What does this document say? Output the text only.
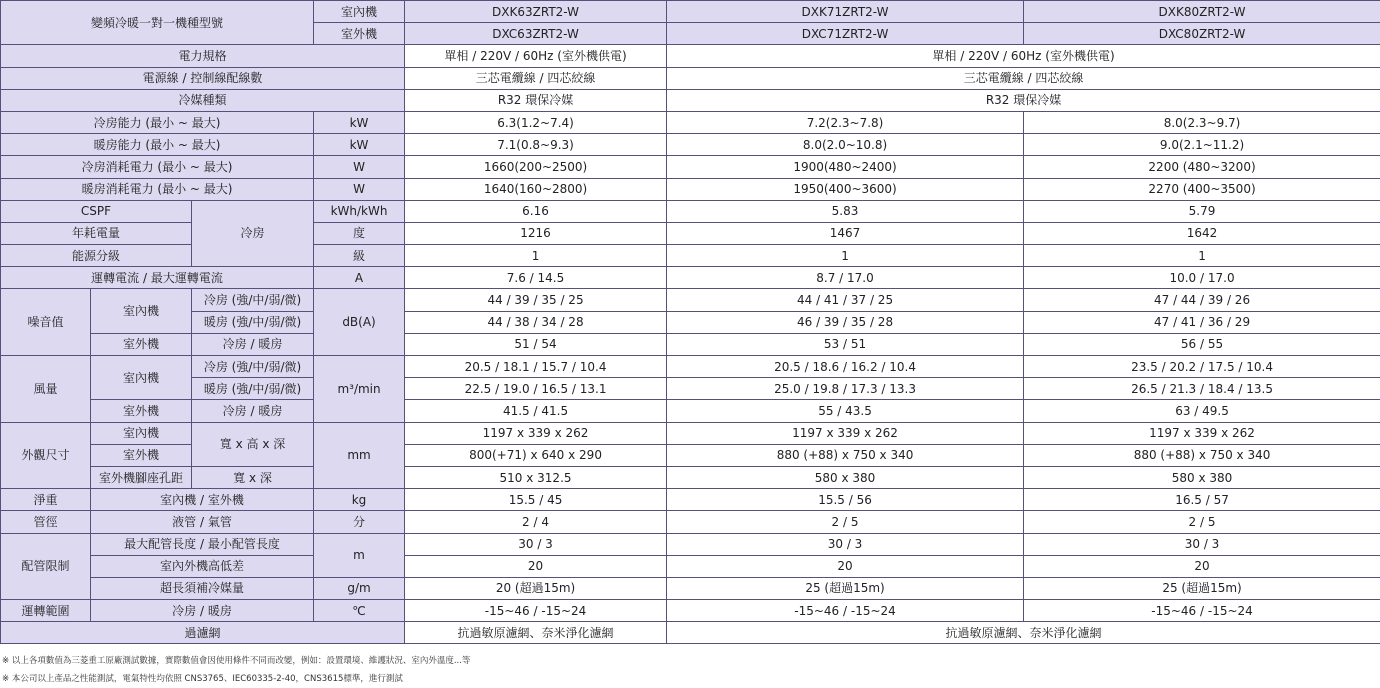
變頻冷暖一對一機種型號			室內機	DXK63ZRT2-W	DXK71ZRT2-W	DXK80ZRT2-W
			室外機	DXC63ZRT2-W	DXC71ZRT2-W	DXC80ZRT2-W
電力規格				單相 / 220V / 60Hz (室外機供電)	單相 / 220V / 60Hz (室外機供電)	
電源線 / 控制線配線數				三芯電纜線 / 四芯絞線	三芯電纜線 / 四芯絞線	
冷媒種類				R32 環保冷媒	R32 環保冷媒	
冷房能力 (最小 ~ 最大)			kW	6.3(1.2~7.4)	7.2(2.3~7.8)	8.0(2.3~9.7)
暖房能力 (最小 ~ 最大)			kW	7.1(0.8~9.3)	8.0(2.0~10.8)	9.0(2.1~11.2)
冷房消耗電力 (最小 ~ 最大)			W	1660(200~2500)	1900(480~2400)	2200 (480~3200)
暖房消耗電力 (最小 ~ 最大)			W	1640(160~2800)	1950(400~3600)	2270 (400~3500)
CSPF		冷房	kWh/kWh	6.16	5.83	5.79
年耗電量			度	1216	1467	1642
能源分級			級	1	1	1
運轉電流 / 最大運轉電流			A	7.6 / 14.5	8.7 / 17.0	10.0 / 17.0
噪音值	室內機	冷房 (強/中/弱/微)	dB(A)	44 / 39 / 35 / 25	44 / 41 / 37 / 25	47 / 44 / 39 / 26
		暖房 (強/中/弱/微)		44 / 38 / 34 / 28	46 / 39 / 35 / 28	47 / 41 / 36 / 29
	室外機	冷房 / 暖房		51 / 54	53 / 51	56 / 55
風量	室內機	冷房 (強/中/弱/微)	m³/min	20.5 / 18.1 / 15.7 / 10.4	20.5 / 18.6 / 16.2 / 10.4	23.5 / 20.2 / 17.5 / 10.4
		暖房 (強/中/弱/微)		22.5 / 19.0 / 16.5 / 13.1	25.0 / 19.8 / 17.3 / 13.3	26.5 / 21.3 / 18.4 / 13.5
	室外機	冷房 / 暖房		41.5 / 41.5	55 / 43.5	63 / 49.5
外觀尺寸	室內機	寬 x 高 x 深	mm	1197 x 339 x 262	1197 x 339 x 262	1197 x 339 x 262
	室外機			800(+71) x 640 x 290	880 (+88) x 750 x 340	880 (+88) x 750 x 340
	室外機腳座孔距	寬 x 深		510 x 312.5	580 x 380	580 x 380
淨重	室內機 / 室外機		kg	15.5 / 45	15.5 / 56	16.5 / 57
管徑	液管 / 氣管		分	2 / 4	2 / 5	2 / 5
配管限制	最大配管長度 / 最小配管長度		m	30 / 3	30 / 3	30 / 3
	室內外機高低差			20	20	20
	超長須補冷媒量		g/m	20 (超過15m)	25 (超過15m)	25 (超過15m)
運轉範圍	冷房 / 暖房		℃	-15~46 / -15~24	-15~46 / -15~24	-15~46 / -15~24
過濾網				抗過敏原濾網、奈米淨化濾網	抗過敏原濾網、奈米淨化濾網	
※ 以上各項數值為三菱重工原廠測試數據，實際數值會因使用條件不同而改變，例如：設置環境、維護狀況、室內外溫度...等
※ 本公司以上產品之性能測試，電氣特性均依照 CNS3765、IEC60335-2-40，CNS3615標準，進行測試
